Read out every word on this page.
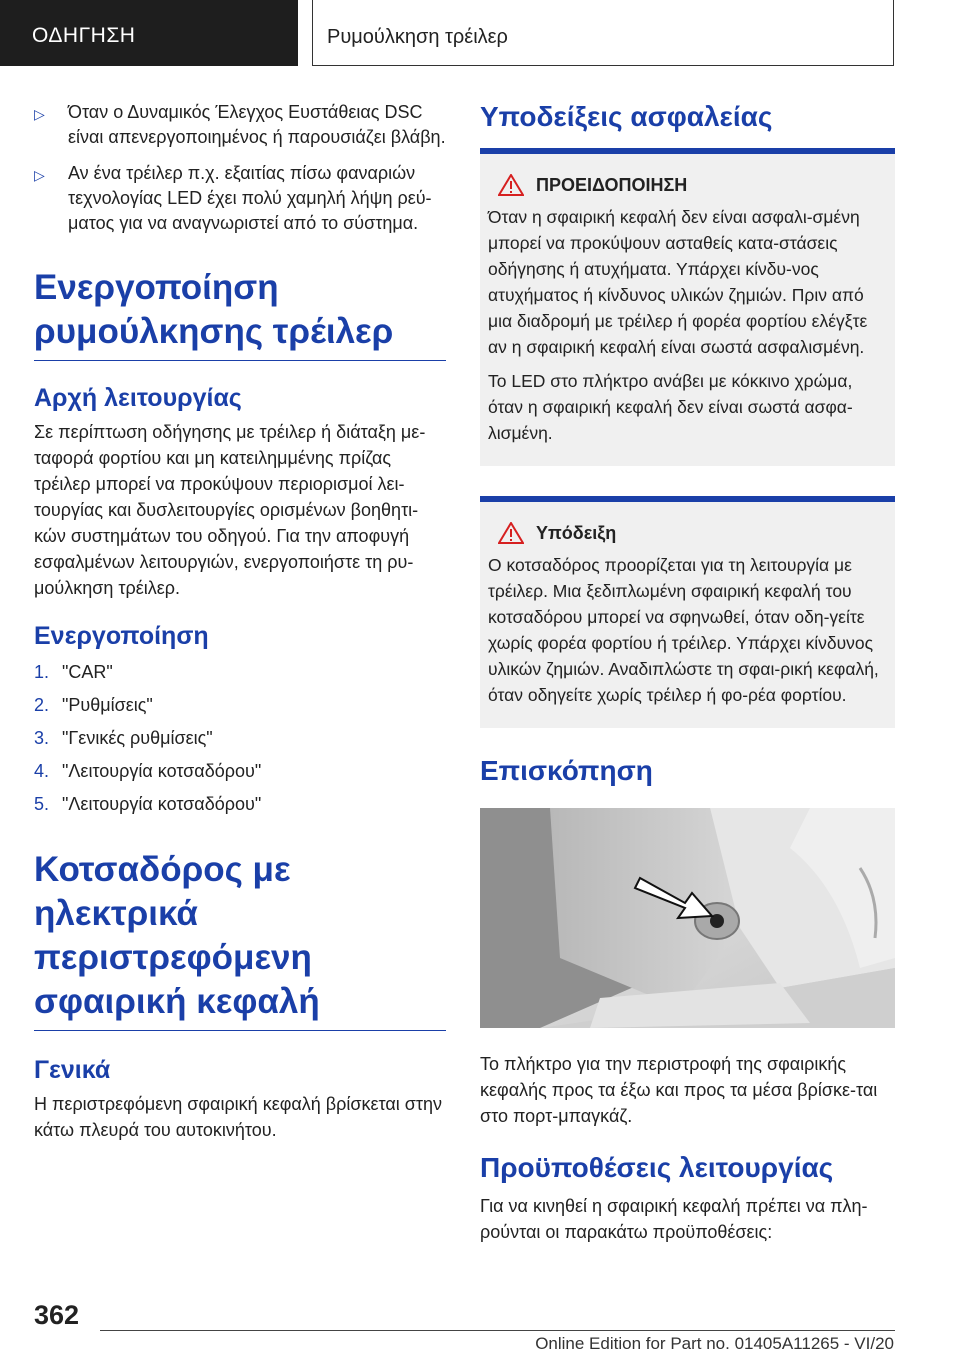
ΟΔΗΓΗΣΗ	Ρυμούλκηση τρέιλερ
▷	Όταν ο Δυναμικός Έλεγχος Ευστάθειας DSC είναι απενεργοποιημένος ή παρουσιάζει βλάβη.
▷	Αν ένα τρέιλερ π.χ. εξαιτίας πίσω φαναριών τεχνολογίας LED έχει πολύ χαμηλή λήψη ρεύ-ματος για να αναγνωριστεί από το σύστημα.
Ενεργοποίηση ρυμούλκησης τρέιλερ
Αρχή λειτουργίας
Σε περίπτωση οδήγησης με τρέιλερ ή διάταξη με-ταφορά φορτίου και μη κατειλημμένης πρίζας τρέιλερ μπορεί να προκύψουν περιορισμοί λει-τουργίας και δυσλειτουργίες ορισμένων βοηθητι-κών συστημάτων του οδηγού. Για την αποφυγή εσφαλμένων λειτουργιών, ενεργοποιήστε τη ρυ-μούλκηση τρέιλερ.
Ενεργοποίηση
1. "CAR"
2. "Ρυθμίσεις"
3. "Γενικές ρυθμίσεις"
4. "Λειτουργία κοτσαδόρου"
5. "Λειτουργία κοτσαδόρου"
Κοτσαδόρος με ηλεκτρικά περιστρεφόμενη σφαιρική κεφαλή
Γενικά
Η περιστρεφόμενη σφαιρική κεφαλή βρίσκεται στην κάτω πλευρά του αυτοκινήτου.
Υποδείξεις ασφαλείας
ΠΡΟΕΙΔΟΠΟΙΗΣΗ
Όταν η σφαιρική κεφαλή δεν είναι ασφαλι-σμένη μπορεί να προκύψουν ασταθείς κατα-στάσεις οδήγησης ή ατυχήματα. Υπάρχει κίνδυ-νος ατυχήματος ή κίνδυνος υλικών ζημιών. Πριν από μια διαδρομή με τρέιλερ ή φορέα φορτίου ελέγξτε αν η σφαιρική κεφαλή είναι σωστά ασφαλισμένη.
Το LED στο πλήκτρο ανάβει με κόκκινο χρώμα, όταν η σφαιρική κεφαλή δεν είναι σωστά ασφα-λισμένη.
Υπόδειξη
Ο κοτσαδόρος προορίζεται για τη λειτουργία με τρέιλερ. Μια ξεδιπλωμένη σφαιρική κεφαλή του κοτσαδόρου μπορεί να σφηνωθεί, όταν οδη-γείτε χωρίς φορέα φορτίου ή τρέιλερ. Υπάρχει κίνδυνος υλικών ζημιών. Αναδιπλώστε τη σφαι-ρική κεφαλή, όταν οδηγείτε χωρίς τρέιλερ ή φο-ρέα φορτίου.
Επισκόπηση
Το πλήκτρο για την περιστροφή της σφαιρικής κεφαλής προς τα έξω και προς τα μέσα βρίσκε-ται στο πορτ-μπαγκάζ.
Προϋποθέσεις λειτουργίας
Για να κινηθεί η σφαιρική κεφαλή πρέπει να πλη-ρούνται οι παρακάτω προϋποθέσεις:
362
Online Edition for Part no. 01405A11265 - VI/20
